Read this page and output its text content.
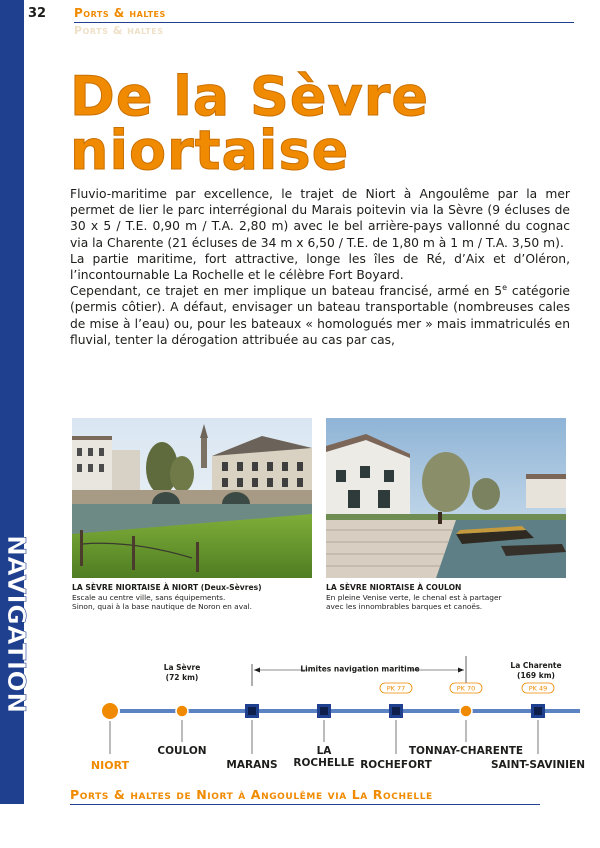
NAVIGATION
32 Ports & haltes
Ports & haltes
De la Sèvre niortaise

Fluvio-maritime par excellence, le trajet de Niort à Angoulême par la mer permet de lier le parc interrégional du Marais poitevin via la Sèvre (9 écluses de 30 x 5 / T.E. 0,90 m / T.A. 2,80 m) avec le bel arrière-pays vallonné du cognac via la Charente (21 écluses de 34 m x 6,50 / T.E. de 1,80 m à 1 m / T.A. 3,50 m).

La partie maritime, fort attractive, longe les îles de Ré, d’Aix et d’Oléron, l’incontournable La Rochelle et le célèbre Fort Boyard.

Cependant, ce trajet en mer implique un bateau francisé, armé en 5e catégorie (permis côtier). A défaut, envisager un bateau transportable (nombreuses cales de mise à l’eau) ou, pour les bateaux « homologués mer » mais immatriculés en fluvial, tenter la dérogation attribuée au cas par cas,

LA SÈVRE NIORTAISE À NIORT (Deux-Sèvres)
Escale au centre ville, sans équipements.
Sinon, quai à la base nautique de Noron en aval.
LA SÈVRE NIORTAISE À COULON
En pleine Venise verte, le chenal est à partager
avec les innombrables barques et canoës.
Limites navigation maritime
La Sèvre
(72 km)
La Charente
(169 km)
PK 77	PK 70	PK 49
NIORT
COULON
MARANS
LA
ROCHELLE ROCHEFORT
TONNAY-CHARENTE
SAINT-SAVINIEN
Ports & haltes de Niort à Angoulême via La Rochelle
